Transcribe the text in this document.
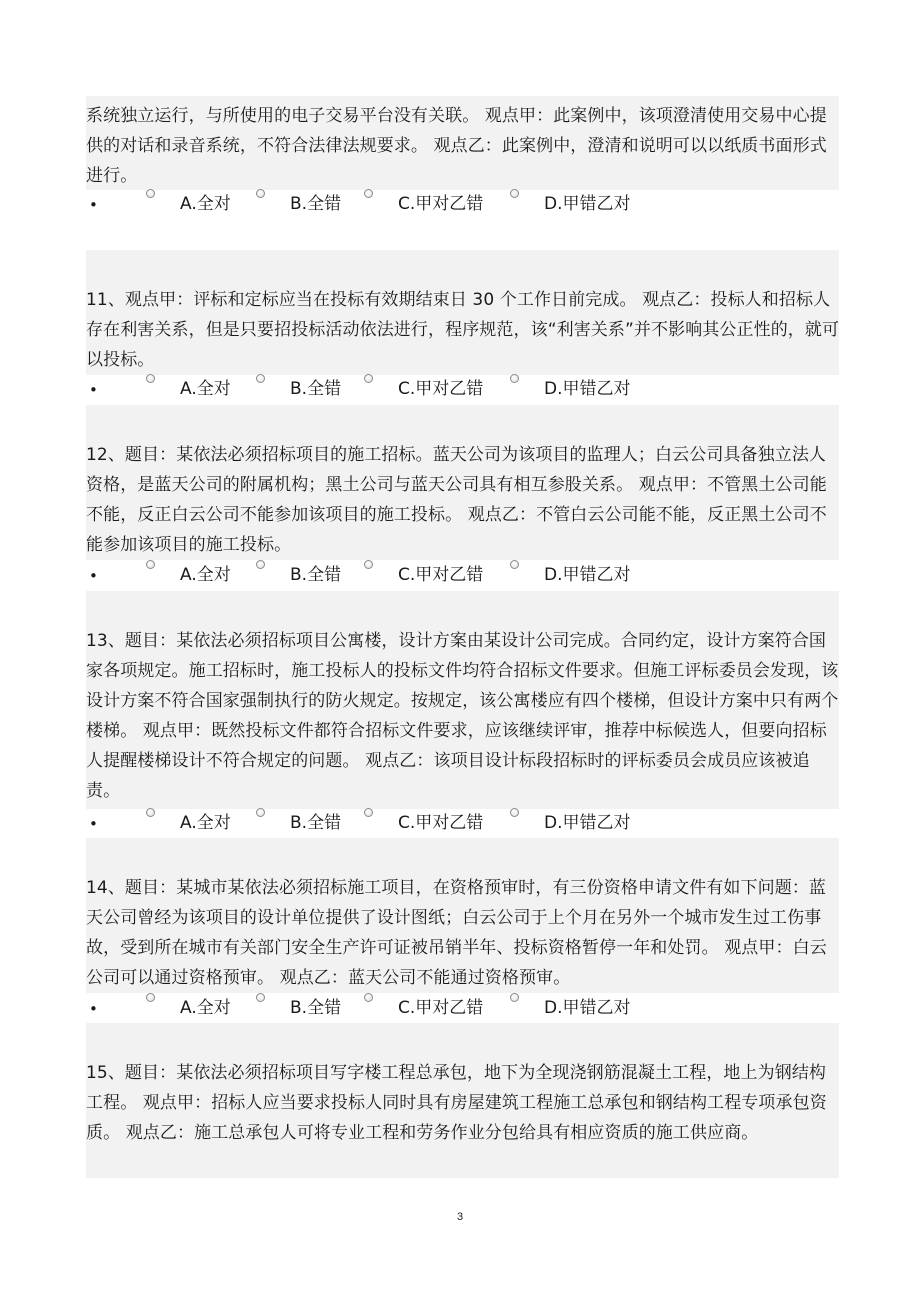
系统独立运行，与所使用的电子交易平台没有关联。 观点甲：此案例中，该项澄清使用交易中心提供的对话和录音系统，不符合法律法规要求。 观点乙：此案例中，澄清和说明可以以纸质书面形式进行。

•	A.全对	B.全错	C.甲对乙错	D.甲错乙对

11、观点甲：评标和定标应当在投标有效期结束日 30 个工作日前完成。 观点乙：投标人和招标人存在利害关系，但是只要招投标活动依法进行，程序规范，该“利害关系”并不影响其公正性的，就可以投标。

•	A.全对	B.全错	C.甲对乙错	D.甲错乙对

12、题目：某依法必须招标项目的施工招标。蓝天公司为该项目的监理人；白云公司具备独立法人资格，是蓝天公司的附属机构；黑土公司与蓝天公司具有相互参股关系。 观点甲：不管黑土公司能不能，反正白云公司不能参加该项目的施工投标。 观点乙：不管白云公司能不能，反正黑土公司不能参加该项目的施工投标。

•	A.全对	B.全错	C.甲对乙错	D.甲错乙对

13、题目：某依法必须招标项目公寓楼，设计方案由某设计公司完成。合同约定，设计方案符合国家各项规定。施工招标时，施工投标人的投标文件均符合招标文件要求。但施工评标委员会发现，该设计方案不符合国家强制执行的防火规定。按规定，该公寓楼应有四个楼梯，但设计方案中只有两个楼梯。 观点甲：既然投标文件都符合招标文件要求，应该继续评审，推荐中标候选人，但要向招标人提醒楼梯设计不符合规定的问题。 观点乙：该项目设计标段招标时的评标委员会成员应该被追责。

•	A.全对	B.全错	C.甲对乙错	D.甲错乙对

14、题目：某城市某依法必须招标施工项目，在资格预审时，有三份资格申请文件有如下问题：蓝天公司曾经为该项目的设计单位提供了设计图纸；白云公司于上个月在另外一个城市发生过工伤事故，受到所在城市有关部门安全生产许可证被吊销半年、投标资格暂停一年和处罚。 观点甲：白云公司可以通过资格预审。 观点乙：蓝天公司不能通过资格预审。

•	A.全对	B.全错	C.甲对乙错	D.甲错乙对

15、题目：某依法必须招标项目写字楼工程总承包，地下为全现浇钢筋混凝土工程，地上为钢结构工程。 观点甲：招标人应当要求投标人同时具有房屋建筑工程施工总承包和钢结构工程专项承包资质。 观点乙：施工总承包人可将专业工程和劳务作业分包给具有相应资质的施工供应商。

3
